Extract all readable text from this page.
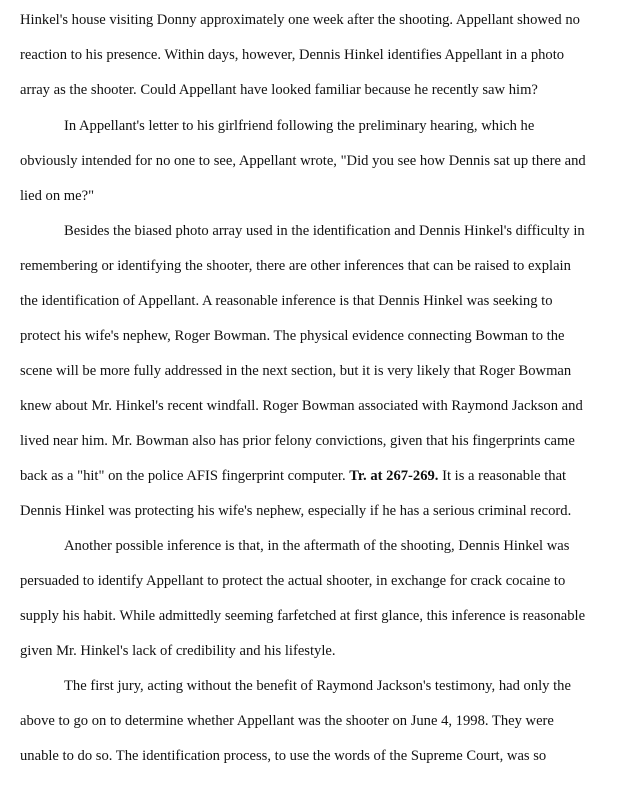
Hinkel's house visiting Donny approximately one week after the shooting. Appellant showed no
reaction to his presence. Within days, however, Dennis Hinkel identifies Appellant in a photo
array as the shooter. Could Appellant have looked familiar because he recently saw him?
In Appellant's letter to his girlfriend following the preliminary hearing, which he
obviously intended for no one to see, Appellant wrote, "Did you see how Dennis sat up there and
lied on me?"
Besides the biased photo array used in the identification and Dennis Hinkel's difficulty in
remembering or identifying the shooter, there are other inferences that can be raised to explain
the identification of Appellant. A reasonable inference is that Dennis Hinkel was seeking to
protect his wife's nephew, Roger Bowman. The physical evidence connecting Bowman to the
scene will be more fully addressed in the next section, but it is very likely that Roger Bowman
knew about Mr. Hinkel's recent windfall. Roger Bowman associated with Raymond Jackson and
lived near him. Mr. Bowman also has prior felony convictions, given that his fingerprints came
back as a "hit" on the police AFIS fingerprint computer. Tr. at 267-269. It is a reasonable that
Dennis Hinkel was protecting his wife's nephew, especially if he has a serious criminal record.
Another possible inference is that, in the aftermath of the shooting, Dennis Hinkel was
persuaded to identify Appellant to protect the actual shooter, in exchange for crack cocaine to
supply his habit. While admittedly seeming farfetched at first glance, this inference is reasonable
given Mr. Hinkel's lack of credibility and his lifestyle.
The first jury, acting without the benefit of Raymond Jackson's testimony, had only the
above to go on to determine whether Appellant was the shooter on June 4, 1998. They were
unable to do so. The identification process, to use the words of the Supreme Court, was so
